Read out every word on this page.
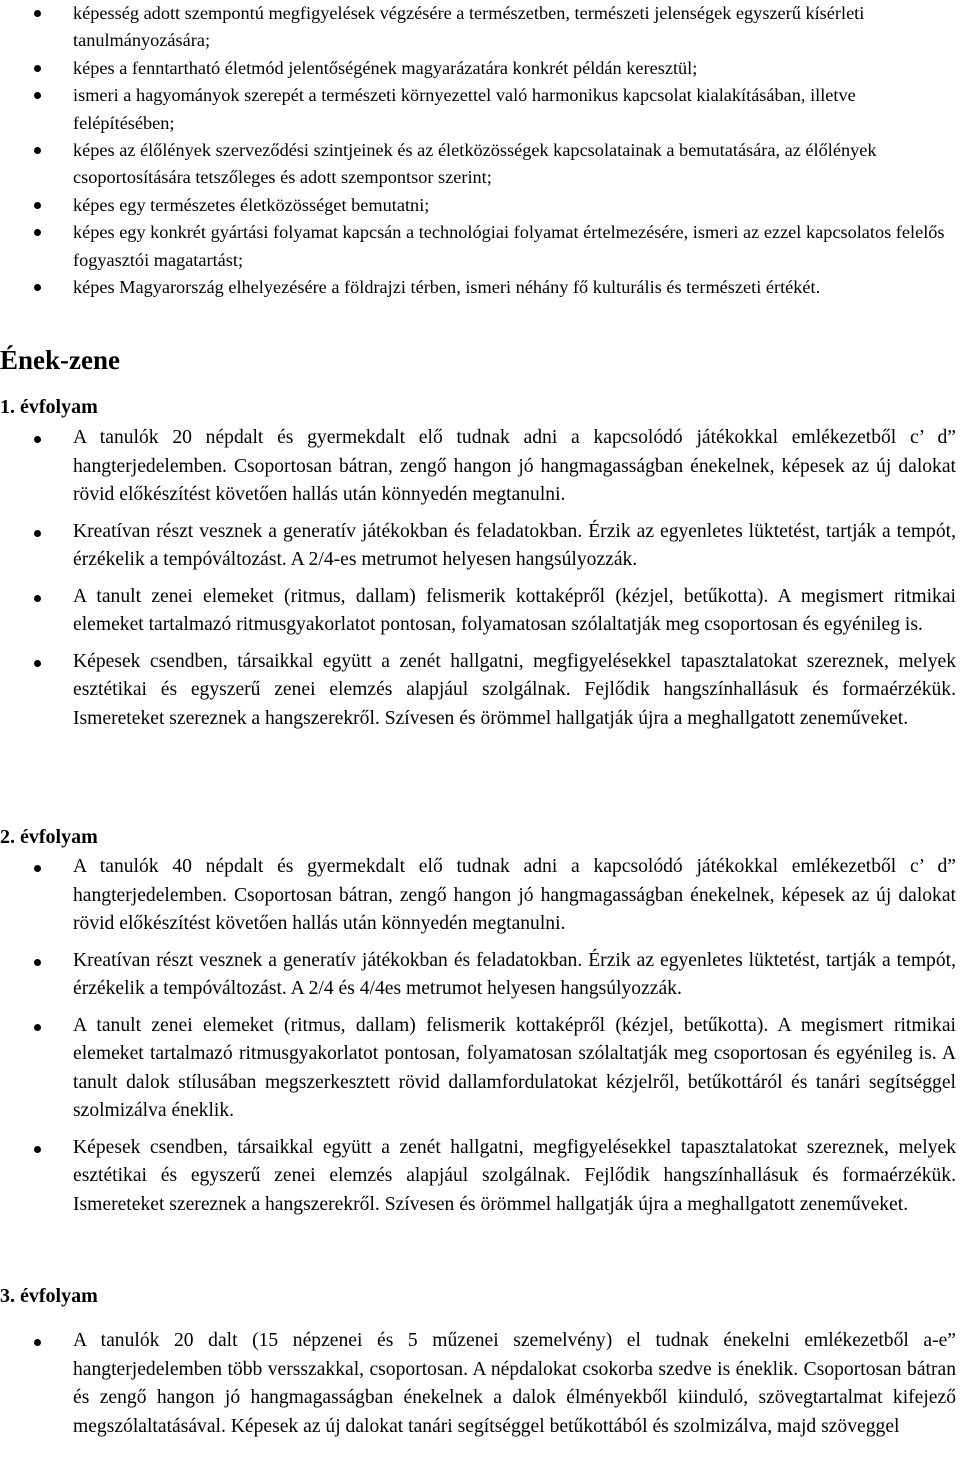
képesség adott szempontú megfigyelések végzésére a természetben, természeti jelenségek egyszerű kísérleti tanulmányozására;
képes a fenntartható életmód jelentőségének magyarázatára konkrét példán keresztül;
ismeri a hagyományok szerepét a természeti környezettel való harmonikus kapcsolat kialakításában, illetve felépítésében;
képes az élőlények szerveződési szintjeinek és az életközösségek kapcsolatainak a bemutatására, az élőlények csoportosítására tetszőleges és adott szempontsor szerint;
képes egy természetes életközösséget bemutatni;
képes egy konkrét gyártási folyamat kapcsán a technológiai folyamat értelmezésére, ismeri az ezzel kapcsolatos felelős fogyasztói magatartást;
képes Magyarország elhelyezésére a földrajzi térben, ismeri néhány fő kulturális és természeti értékét.
Ének-zene
1. évfolyam
A tanulók 20 népdalt és gyermekdalt elő tudnak adni a kapcsolódó játékokkal emlékezetből c’ d” hangterjedelemben. Csoportosan bátran, zengő hangon jó hangmagasságban énekelnek, képesek az új dalokat rövid előkészítést követően hallás után könnyedén megtanulni.
Kreatívan részt vesznek a generatív játékokban és feladatokban. Érzik az egyenletes lüktetést, tartják a tempót, érzékelik a tempóváltozást. A 2/4-es metrumot helyesen hangsúlyozzák.
A tanult zenei elemeket (ritmus, dallam) felismerik kottaképről (kézjel, betűkotta). A megismert ritmikai elemeket tartalmazó ritmusgyakorlatot pontosan, folyamatosan szólaltatják meg csoportosan és egyénileg is.
Képesek csendben, társaikkal együtt a zenét hallgatni, megfigyelésekkel tapasztalatokat szereznek, melyek esztétikai és egyszerű zenei elemzés alapjául szolgálnak. Fejlődik hangszínhallásuk és formaérzékük. Ismereteket szereznek a hangszerekről. Szívesen és örömmel hallgatják újra a meghallgatott zeneműveket.
2. évfolyam
A tanulók 40 népdalt és gyermekdalt elő tudnak adni a kapcsolódó játékokkal emlékezetből c’ d” hangterjedelemben. Csoportosan bátran, zengő hangon jó hangmagasságban énekelnek, képesek az új dalokat rövid előkészítést követően hallás után könnyedén megtanulni.
Kreatívan részt vesznek a generatív játékokban és feladatokban. Érzik az egyenletes lüktetést, tartják a tempót, érzékelik a tempóváltozást. A 2/4 és 4/4es metrumot helyesen hangsúlyozzák.
A tanult zenei elemeket (ritmus, dallam) felismerik kottaképről (kézjel, betűkotta). A megismert ritmikai elemeket tartalmazó ritmusgyakorlatot pontosan, folyamatosan szólaltatják meg csoportosan és egyénileg is. A tanult dalok stílusában megszerkesztett rövid dallamfordulatokat kézjelről, betűkottáról és tanári segítséggel szolmizálva éneklik.
Képesek csendben, társaikkal együtt a zenét hallgatni, megfigyelésekkel tapasztalatokat szereznek, melyek esztétikai és egyszerű zenei elemzés alapjául szolgálnak. Fejlődik hangszínhallásuk és formaérzékük. Ismereteket szereznek a hangszerekről. Szívesen és örömmel hallgatják újra a meghallgatott zeneműveket.
3. évfolyam
A tanulók 20 dalt (15 népzenei és 5 műzenei szemelvény) el tudnak énekelni emlékezetből a-e” hangterjedelemben több versszakkal, csoportosan. A népdalokat csokorba szedve is éneklik. Csoportosan bátran és zengő hangon jó hangmagasságban énekelnek a dalok élményekből kiinduló, szövegtartalmat kifejező megszólaltatásával. Képesek az új dalokat tanári segítséggel betűkottából és szolmizálva, majd szöveggel
